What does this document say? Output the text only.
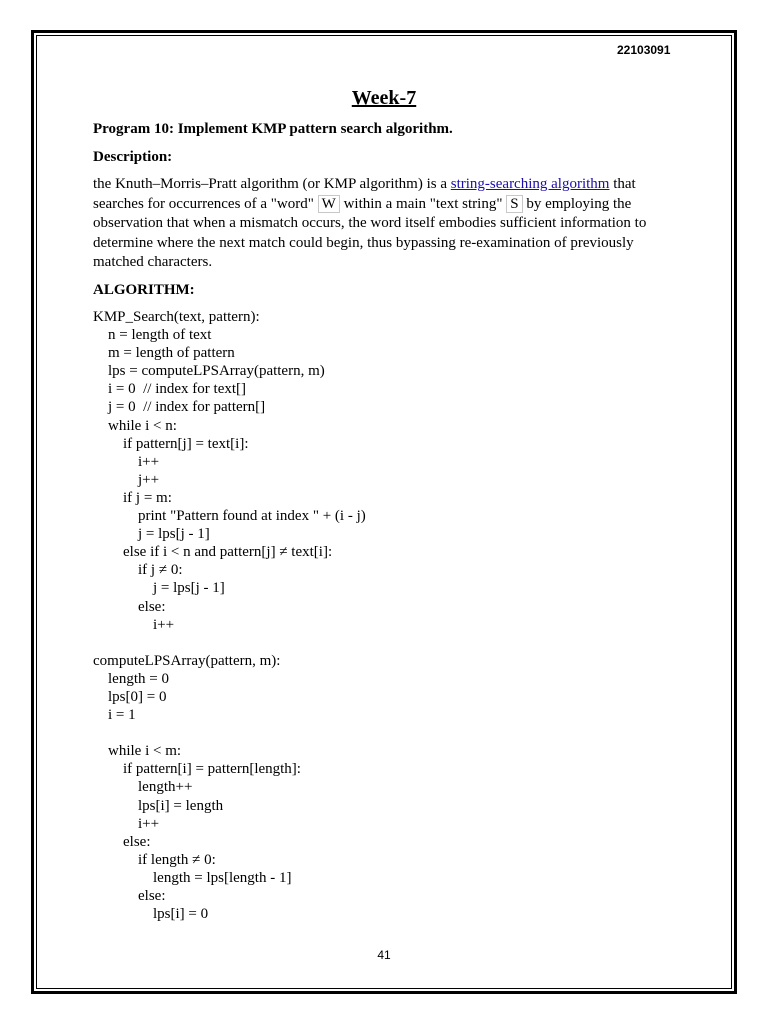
22103091
Week-7
Program 10: Implement KMP pattern search algorithm.
Description:
the Knuth–Morris–Pratt algorithm (or KMP algorithm) is a string-searching algorithm that searches for occurrences of a "word" W within a main "text string" S by employing the observation that when a mismatch occurs, the word itself embodies sufficient information to determine where the next match could begin, thus bypassing re-examination of previously matched characters.
ALGORITHM:
KMP_Search(text, pattern):
n = length of text
m = length of pattern
lps = computeLPSArray(pattern, m)
i = 0  // index for text[]
j = 0  // index for pattern[]
while i < n:
if pattern[j] = text[i]:
i++
j++
if j = m:
print "Pattern found at index " + (i - j)
j = lps[j - 1]
else if i < n and pattern[j] ≠ text[i]:
if j ≠ 0:
j = lps[j - 1]
else:
i++
computeLPSArray(pattern, m):
length = 0
lps[0] = 0
i = 1
while i < m:
if pattern[i] = pattern[length]:
length++
lps[i] = length
i++
else:
if length ≠ 0:
length = lps[length - 1]
else:
lps[i] = 0
41
